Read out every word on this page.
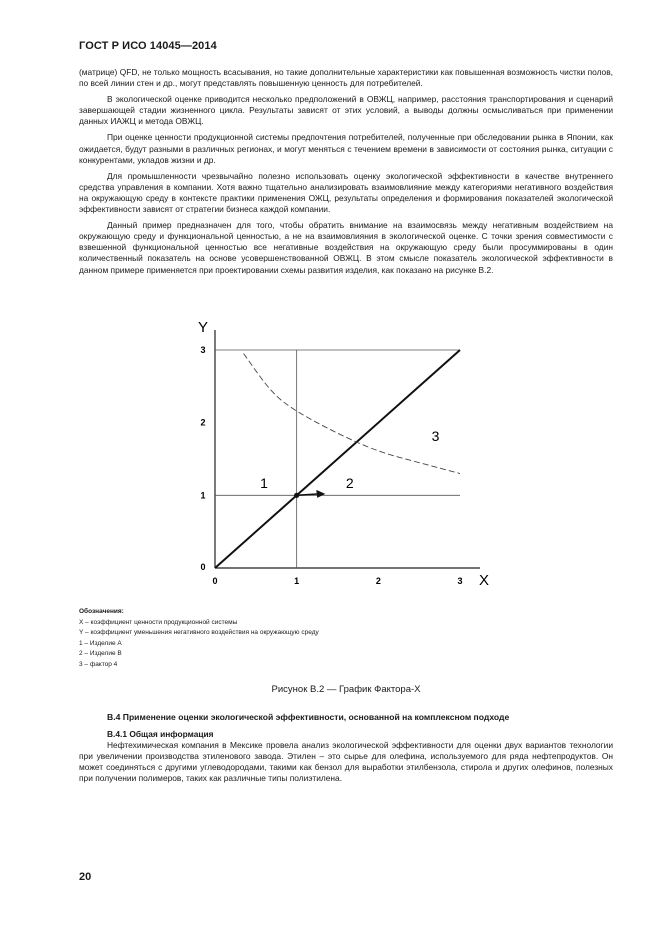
ГОСТ Р ИСО 14045—2014

(матрице) QFD, не только мощность всасывания, но такие дополнительные характеристики как повышенная возможность чистки полов, по всей линии стен и др., могут представлять повышенную ценность для потребителей.

В экологической оценке приводится несколько предположений в ОВЖЦ, например, расстояния транспортирования и сценарий завершающей стадии жизненного цикла. Результаты зависят от этих условий, а выводы должны осмысливаться при применении данных ИАЖЦ и метода ОВЖЦ.

При оценке ценности продукционной системы предпочтения потребителей, полученные при обследовании рынка в Японии, как ожидается, будут разными в различных регионах, и могут меняться с течением времени в зависимости от состояния рынка, ситуации с конкурентами, укладов жизни и др.

Для промышленности чрезвычайно полезно использовать оценку экологической эффективности в качестве внутреннего средства управления в компании. Хотя важно тщательно анализировать взаимовлияние между категориями негативного воздействия на окружающую среду в контексте практики применения ОЖЦ, результаты определения и формирования показателей экологической эффективности зависят от стратегии бизнеса каждой компании.

Данный пример предназначен для того, чтобы обратить внимание на взаимосвязь между негативным воздействием на окружающую среду и функциональной ценностью, а не на взаимовлияния в экологической оценке. С точки зрения совместимости с взвешенной функциональной ценностью все негативные воздействия на окружающую среду были просуммированы в один количественный показатель на основе усовершенствованной ОВЖЦ. В этом смысле показатель экологической эффективности в данном примере применяется при проектировании схемы развития изделия, как показано на рисунке В.2.

0	1	2	3
1
2
3
0
X
Y
1	2
3
Обозначения:
X – коэффициент ценности продукционной системы
Y – коэффициент уменьшения негативного воздействия на окружающую среду
1 – Изделие А
2 – Изделие В
3 – фактор 4
Рисунок В.2 — График Фактора-X
В.4 Применение оценки экологической эффективности, основанной на комплексном подходе
В.4.1 Общая информация

Нефтехимическая компания в Мексике провела анализ экологической эффективности для оценки двух вариантов технологии при увеличении производства этиленового завода. Этилен – это сырье для олефина, используемого для ряда нефтепродуктов. Он может соединяться с другими углеводородами, такими как бензол для выработки этилбензола, стирола и других олефинов, полезных при получении полимеров, таких как различные типы полиэтилена.

20
